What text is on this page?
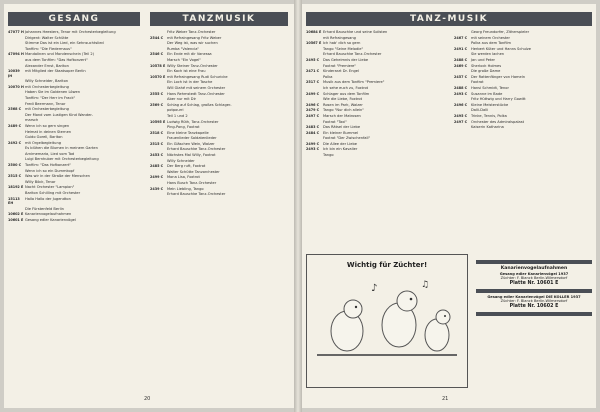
GESANG	TANZMUSIK
47077 H Johannes Heesters, Tenor mit Orchesterbegleitung
Dirigent: Walter Schütte
Stimme Das ist ein Lied, ein Sehnsuchtslied
Tonfilm: "Die Fledermaus"
47094 H Mandolinen und Mondenschein (Teil 2)
aus dem Tonfilm: "Das Hofkonzert"
Alexander Ernst, Bariton
10039 JH
mit Mitglied der Staatsoper Berlin
Willy Schneider, Bariton
10070 H mit Orchesterbegleitung
Haben Sie im Goldenen Löwen
Tonfilm: "Der Herr im Frack"
Fredi Beermann, Tenor
2568 C	mit Orchesterbegleitung
Der Mond vom Lustigen Kind Wander-
marsch
2489 C	Wenn ich so gern singen
Heimat in deinen Sternen
Guido Gorell, Bariton
2492 C	mit Orgelbegleitung
Es blühen die Blumen in meinem Garten
Arnimemaria, Lied vom Tod
Luigi Bernhuber mit Orchesterbegleitung
2500 C	Tonfilm: "Das Hofkonzert"
Wenn ich so ein Dummkopf
2515 C	Was wir in der Straße der Menschen
Willy Böck, Tenor
18192 E Nacht Orchester "Lampion"
Bariton Schilling mit Orchester
15113 EH
Hallo Hallo der Jugendton
Die Fürstenfeld Berlin
10602 E Kanarienvogelaufnahmen
10601 E Gesang edler Kanarienvögel
Fritz Weber Tanz-Orchester
2544 C	mit Refraingesang Fritz Weber
Der Weg ist, was wir suchen
Rumba "Valencia"
2546 C	Ein Ende mit dir Vanessa
Marsch "Ein Vogel"
10578 E Willy Steiner Tanz-Orchester
Ein Koch ist eine Frau
10570 E mit Refraingesang Rudi Schuricke
Ein Loch ist in der Tasche
Will Glahé mit seinem Orchester
2555 C	Hans Rehmstedt Tanz-Orchester
Aber nur mit Dir
2569 C	Schlag auf Schlag, großes Schlager-
potpourri
Teil 1 und 2
10595 E Ludwig Rüth, Tanz-Orchester
Ping-Pong, Foxtrot
2518 C	Eine kleine Tanzkapelle
Frauenlieder Soldatenlieder
2515 C	Ein Gläschen Wein, Walzer
Erhard Bauschke Tanz-Orchester
2453 C	Nächstes Mal Willy, Foxtrot
Willy Schneider
2485 C	Der Berg ruft, Foxtrot
Walter Schütte Tanzorchester
2499 C	Mona Lisa, Foxtrot
Hans Busch Tanz-Orchester
2439 C	Mein Liebling, Tango
Erhard Bauschke Tanz-Orchester
20
TANZ-MUSIK
10684 E Erhard Bauschke und seine Solisten
mit Refraingesang
10567 E Ich hab' dich so gern
Tango "Seine Melodie"
Erhard Bauschke Tanz-Orchester
2495 C	Das Geheimnis der Liebe
Foxtrot "Premiere"
2471 C	Kinderarzt Dr. Engel
Polka
2517 C	Musik aus dem Tonfilm "Premiere"
Ich sehe euch zu, Foxtrot
2499 C	Schlager aus dem Tonfilm
Wie die Liebe, Foxtrot
2496 C	Rosen im Park, Walzer
2479 C	Tango "Nur dich allein"
2497 C	Marsch der Matrosen
Foxtrot "Taxi"
2483 C	Das Rätsel der Liebe
2484 C	Ein kleiner Bummel
Foxtrot "Der Zwischenfall"
2499 C	Die Allee der Liebe
2493 C	Ich bin ein Kavalier
Tango
Georg Freundorfer, Zitherspieler
2467 C	mit seinem Orchester
Polka aus dem Tonfilm
2491 C	Herbert Küter und Hanns Schulze
Sie werden lachen
2488 C	Jan und Peter
2469 C	Sherlock Holmes
Die große Dame
2457 C	Der Rattenfänger von Hameln
Foxtrot
2488 C	Hansi Schmidt, Tenor
2493 C	Susanne im Bade
Fritz Hüttwig und Harry Gowitt
2496 C	Kleine Meisterstücke
Dalli-Dalli
2495 C	Trinke, Tennis, Polka
2497 C	Orchester des Admiralspalast
Kaiserin Katharina
Wichtig für Züchter!
♪	♫
Kanarienvogelaufnahmen
Gesang edler Kanarienvögel 1937
Züchter: F. Blanck Berlin-Wilmersdorf
Platte Nr. 10601 E
Gesang edler Kanarienvögel DIE KOLLER 1937
Züchter: F. Blanck Berlin-Wilmersdorf
Platte Nr. 10602 E
21
